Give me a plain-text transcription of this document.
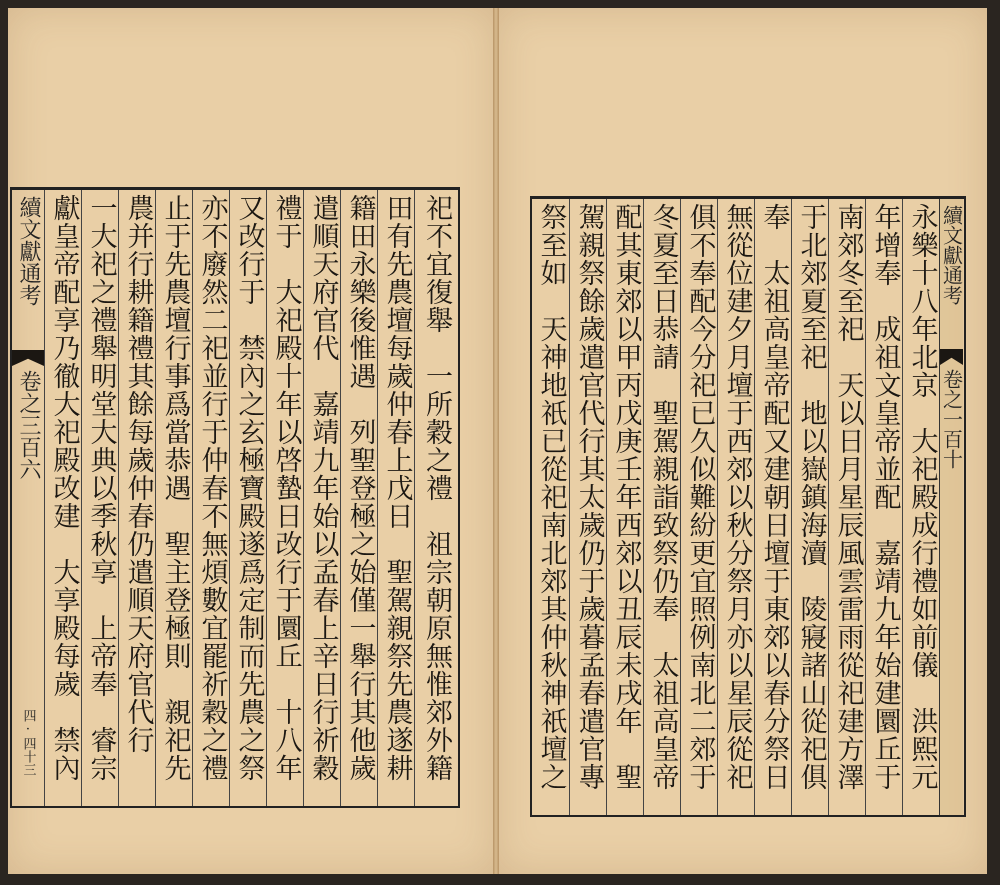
續文獻通考
卷之三百六
四·四十三 獻皇帝配享乃徹大祀殿改建　大享殿每歲　禁內 一大祀之禮舉明堂大典以季秋享　上帝奉　睿宗 農并行耕籍禮其餘每歲仲春仍遣順天府官代行 止于先農壇行事爲當恭遇　聖主登極則　親祀先 亦不廢然二祀並行于仲春不無煩數宜罷祈穀之禮 又改行于　禁內之玄極寶殿遂爲定制而先農之祭 禮于　大祀殿十年以啓蟄日改行于圜丘　十八年 遣順天府官代　嘉靖九年始以孟春上辛日行祈穀 籍田永樂後惟遇　列聖登極之始僅一舉行其他歲 田有先農壇每歲仲春上戊日　聖駕親祭先農遂耕 祀不宜復舉　一所穀之禮　祖宗朝原無惟郊外籍	祭至如　天神地祇已從祀南北郊其仲秋神祇壇之 駕親祭餘歲遣官代行其太歲仍于歲暮孟春遣官專 配其東郊以甲丙戊庚壬年西郊以丑辰未戌年　聖 冬夏至日恭請　聖駕親詣致祭仍奉　太祖高皇帝 俱不奉配今分祀已久似難紛更宜照例南北二郊于 無從位建夕月壇于西郊以秋分祭月亦以星辰從祀 奉　太祖高皇帝配又建朝日壇于東郊以春分祭日 于北郊夏至祀　地以嶽鎮海瀆　陵寢諸山從祀俱 南郊冬至祀　天以日月星辰風雲雷雨從祀建方澤 年增奉　成祖文皇帝並配　嘉靖九年始建圜丘于 永樂十八年北京　大祀殿成行禮如前儀　洪熙元 續文獻通考
卷之一百十
